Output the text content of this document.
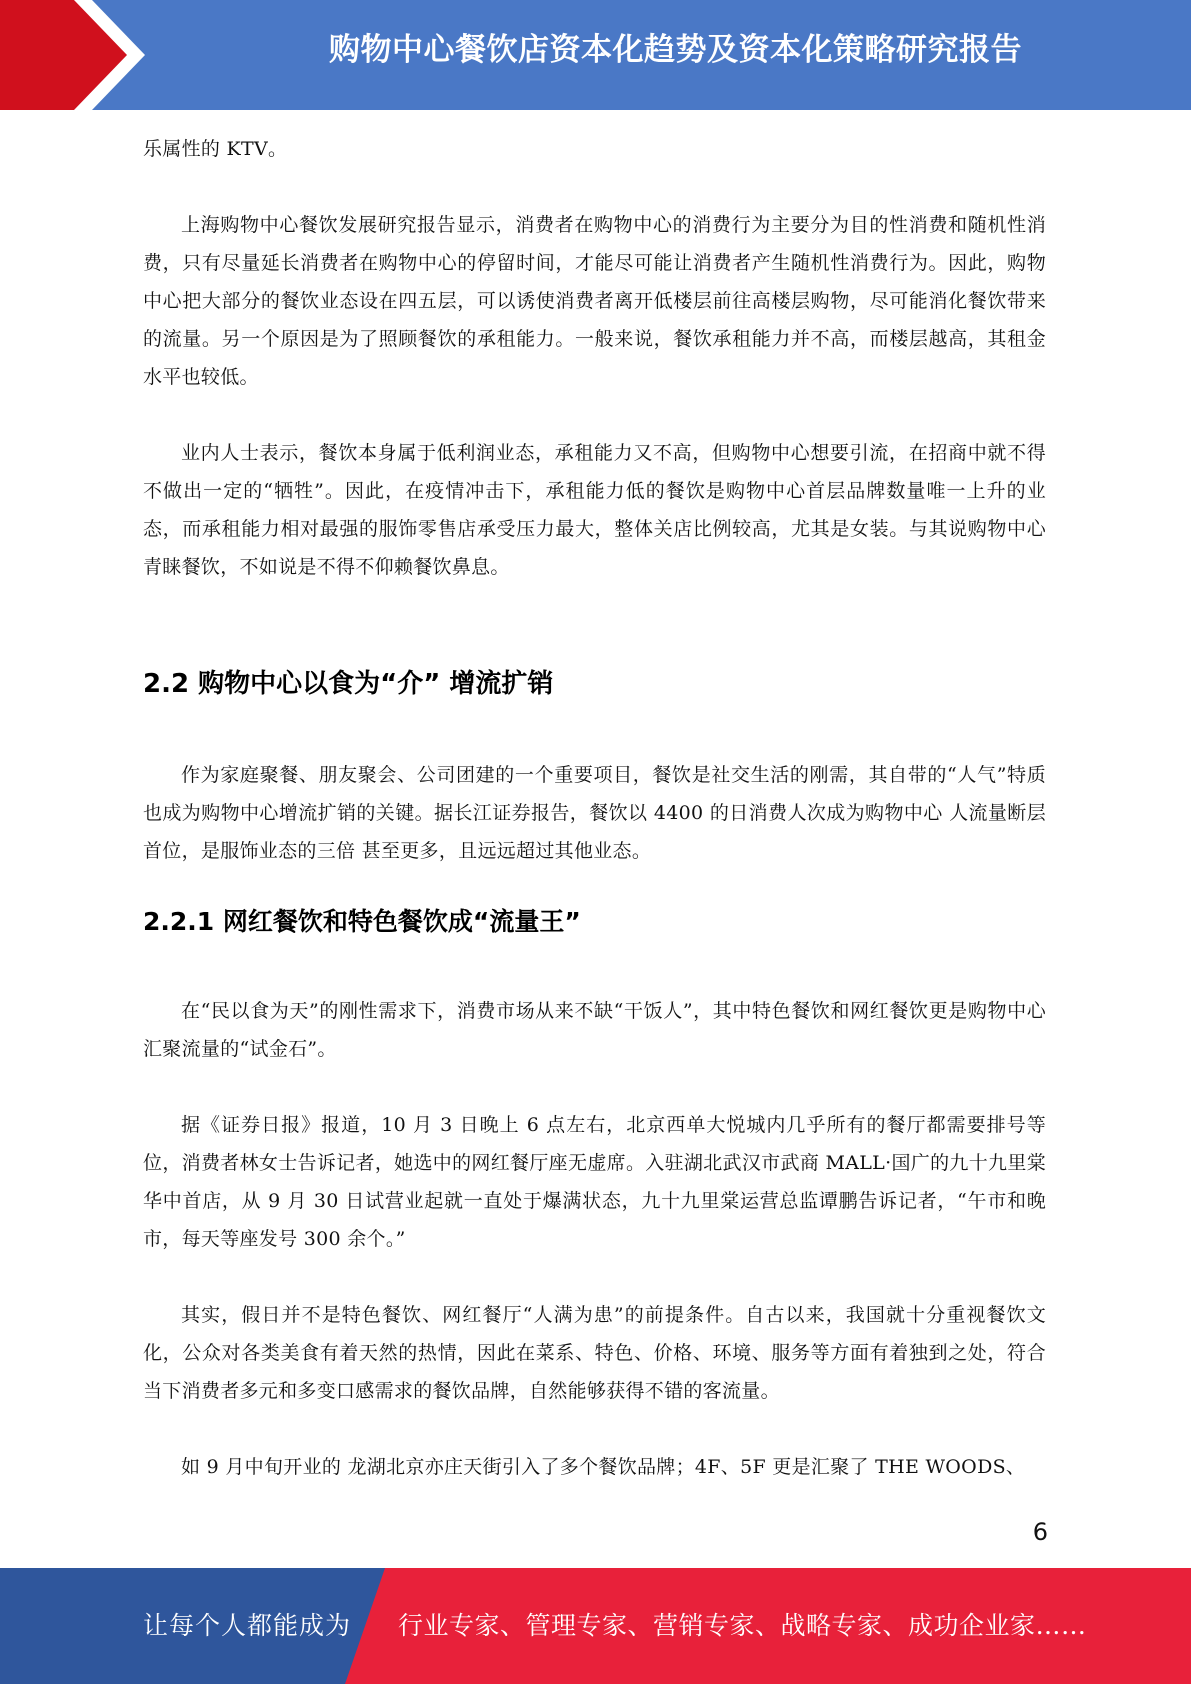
购物中心餐饮店资本化趋势及资本化策略研究报告

乐属性的 KTV。

上海购物中心餐饮发展研究报告显示，消费者在购物中心的消费行为主要分为目的性消费和随机性消费，只有尽量延长消费者在购物中心的停留时间，才能尽可能让消费者产生随机性消费行为。因此，购物中心把大部分的餐饮业态设在四五层，可以诱使消费者离开低楼层前往高楼层购物，尽可能消化餐饮带来的流量。另一个原因是为了照顾餐饮的承租能力。一般来说，餐饮承租能力并不高，而楼层越高，其租金水平也较低。

业内人士表示，餐饮本身属于低利润业态，承租能力又不高，但购物中心想要引流，在招商中就不得不做出一定的“牺牲”。因此，在疫情冲击下，承租能力低的餐饮是购物中心首层品牌数量唯一上升的业态，而承租能力相对最强的服饰零售店承受压力最大，整体关店比例较高，尤其是女装。与其说购物中心青睐餐饮，不如说是不得不仰赖餐饮鼻息。

2.2 购物中心以食为“介” 增流扩销

作为家庭聚餐、朋友聚会、公司团建的一个重要项目，餐饮是社交生活的刚需，其自带的“人气”特质也成为购物中心增流扩销的关键。据长江证券报告，餐饮以 4400 的日消费人次成为购物中心 人流量断层首位，是服饰业态的三倍 甚至更多，且远远超过其他业态。

2.2.1 网红餐饮和特色餐饮成“流量王”

在“民以食为天”的刚性需求下，消费市场从来不缺“干饭人”，其中特色餐饮和网红餐饮更是购物中心汇聚流量的“试金石”。

据《证券日报》报道，10 月 3 日晚上 6 点左右，北京西单大悦城内几乎所有的餐厅都需要排号等位，消费者林女士告诉记者，她选中的网红餐厅座无虚席。入驻湖北武汉市武商 MALL·国广的九十九里棠华中首店，从 9 月 30 日试营业起就一直处于爆满状态，九十九里棠运营总监谭鹏告诉记者，“午市和晚市，每天等座发号 300 余个。”

其实，假日并不是特色餐饮、网红餐厅“人满为患”的前提条件。自古以来，我国就十分重视餐饮文化，公众对各类美食有着天然的热情，因此在菜系、特色、价格、环境、服务等方面有着独到之处，符合当下消费者多元和多变口感需求的餐饮品牌，自然能够获得不错的客流量。

如 9 月中旬开业的 龙湖北京亦庄天街引入了多个餐饮品牌；4F、5F 更是汇聚了 THE WOODS、

6
让每个人都能成为 行业专家、管理专家、营销专家、战略专家、成功企业家……
